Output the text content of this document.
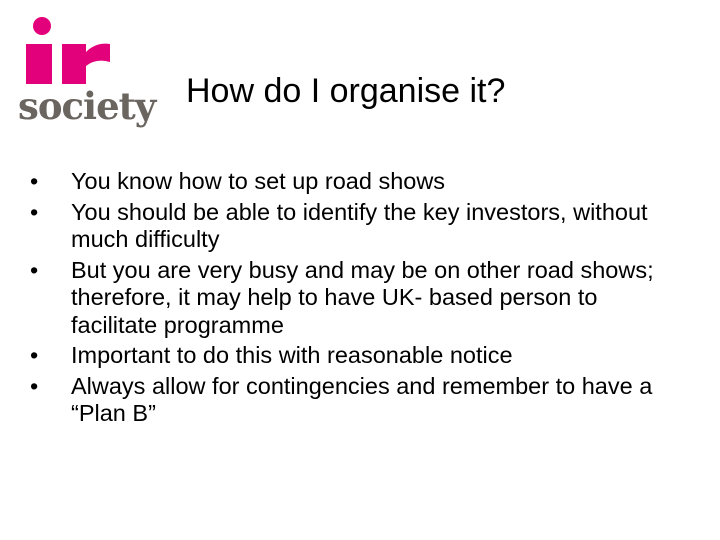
society How do I organise it?
•	You know how to set up road shows
•	You should be able to identify the key investors, without much difficulty
•	But you are very busy and may be on other road shows; therefore, it may help to have UK- based person to facilitate programme
•	Important to do this with reasonable notice
•	Always allow for contingencies and remember to have a “Plan B”
